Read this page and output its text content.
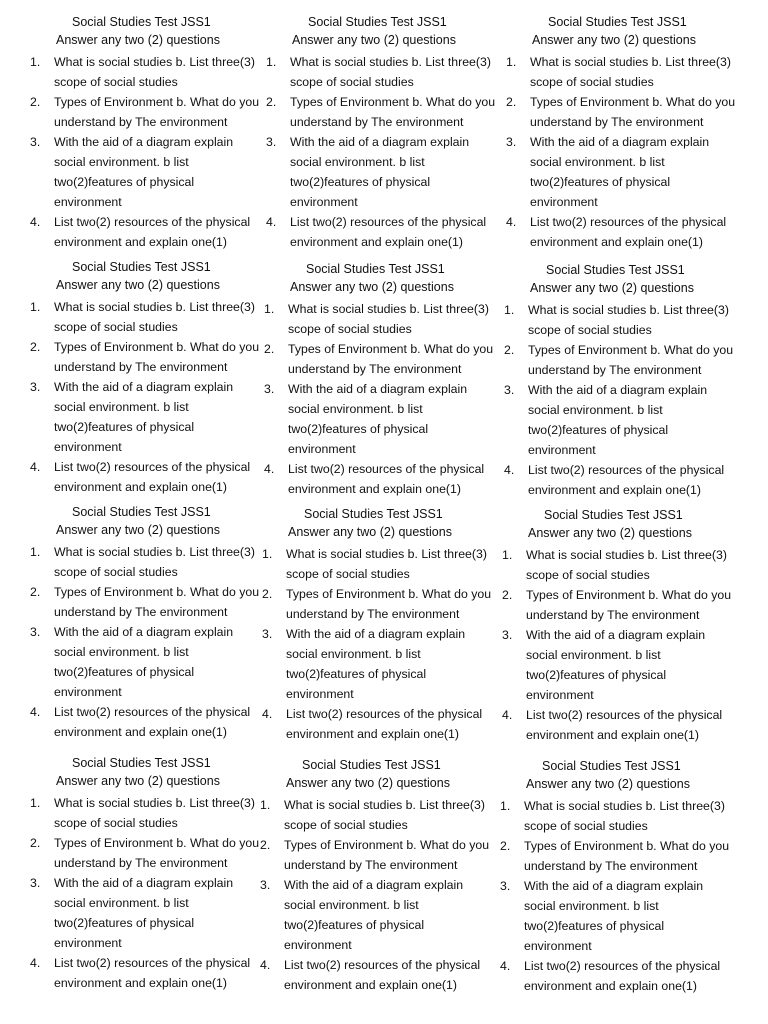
Social Studies Test JSS1
Answer any two (2) questions
1. What is social studies b. List three(3) scope of social studies
2. Types of Environment b. What do you understand by The environment
3. With the aid of a diagram explain social environment. b list two(2)features of physical environment
4. List two(2) resources of the physical environment and explain one(1)
Social Studies Test JSS1
Answer any two (2) questions
1. What is social studies b. List three(3) scope of social studies
2. Types of Environment b. What do you understand by The environment
3. With the aid of a diagram explain social environment. b list two(2)features of physical environment
4. List two(2) resources of the physical environment and explain one(1)
Social Studies Test JSS1
Answer any two (2) questions
1. What is social studies b. List three(3) scope of social studies
2. Types of Environment b. What do you understand by The environment
3. With the aid of a diagram explain social environment. b list two(2)features of physical environment
4. List two(2) resources of the physical environment and explain one(1)
Social Studies Test JSS1
Answer any two (2) questions
1. What is social studies b. List three(3) scope of social studies
2. Types of Environment b. What do you understand by The environment
3. With the aid of a diagram explain social environment. b list two(2)features of physical environment
4. List two(2) resources of the physical environment and explain one(1)
Social Studies Test JSS1
Answer any two (2) questions
1. What is social studies b. List three(3) scope of social studies
2. Types of Environment b. What do you understand by The environment
3. With the aid of a diagram explain social environment. b list two(2)features of physical environment
4. List two(2) resources of the physical environment and explain one(1)
Social Studies Test JSS1
Answer any two (2) questions
1. What is social studies b. List three(3) scope of social studies
2. Types of Environment b. What do you understand by The environment
3. With the aid of a diagram explain social environment. b list two(2)features of physical environment
4. List two(2) resources of the physical environment and explain one(1)
Social Studies Test JSS1
Answer any two (2) questions
1. What is social studies b. List three(3) scope of social studies
2. Types of Environment b. What do you understand by The environment
3. With the aid of a diagram explain social environment. b list two(2)features of physical environment
4. List two(2) resources of the physical environment and explain one(1)
Social Studies Test JSS1
Answer any two (2) questions
1. What is social studies b. List three(3) scope of social studies
2. Types of Environment b. What do you understand by The environment
3. With the aid of a diagram explain social environment. b list two(2)features of physical environment
4. List two(2) resources of the physical environment and explain one(1)
Social Studies Test JSS1
Answer any two (2) questions
1. What is social studies b. List three(3) scope of social studies
2. Types of Environment b. What do you understand by The environment
3. With the aid of a diagram explain social environment. b list two(2)features of physical environment
4. List two(2) resources of the physical environment and explain one(1)
Social Studies Test JSS1
Answer any two (2) questions
1. What is social studies b. List three(3) scope of social studies
2. Types of Environment b. What do you understand by The environment
3. With the aid of a diagram explain social environment. b list two(2)features of physical environment
4. List two(2) resources of the physical environment and explain one(1)
Social Studies Test JSS1
Answer any two (2) questions
1. What is social studies b. List three(3) scope of social studies
2. Types of Environment b. What do you understand by The environment
3. With the aid of a diagram explain social environment. b list two(2)features of physical environment
4. List two(2) resources of the physical environment and explain one(1)
Social Studies Test JSS1
Answer any two (2) questions
1. What is social studies b. List three(3) scope of social studies
2. Types of Environment b. What do you understand by The environment
3. With the aid of a diagram explain social environment. b list two(2)features of physical environment
4. List two(2) resources of the physical environment and explain one(1)
